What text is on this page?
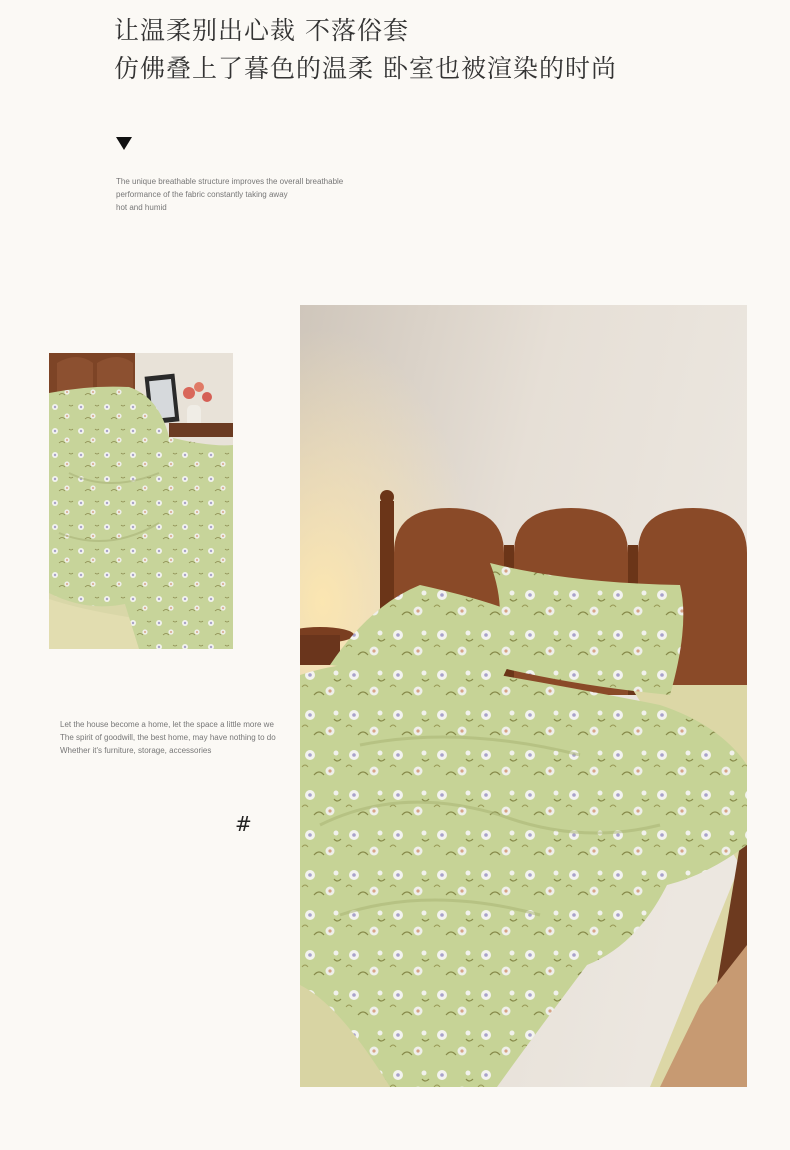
让温柔别出心裁 不落俗套
仿佛叠上了暮色的温柔 卧室也被渲染的时尚
The unique breathable structure improves the overall breathable
performance of the fabric constantly taking away
hot and humid
Let the house become a home, let the space a little more we
The spirit of goodwill, the best home, may have nothing to do
Whether it's furniture, storage, accessories
#
